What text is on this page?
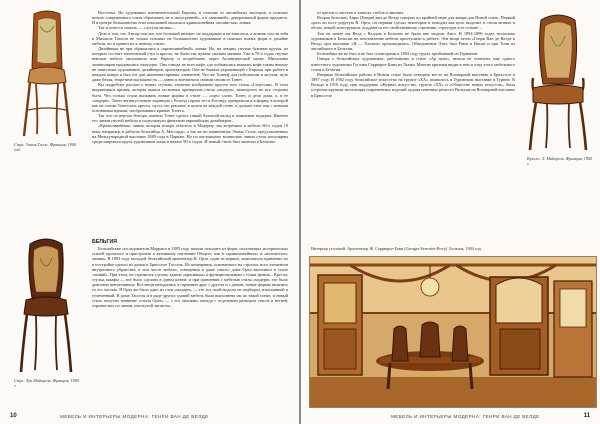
Стул. Эмиль Галле. Франция, 1900 год.
Стул. Луи Майорель. Франция, 1900 г.

Восточка. Но художники континентальной Европы, в отличие от английских мастеров, в поисках нового современного стиля обратились не к «внутренней», а к «внешней», декоративной форме предмета. И в центре большинства этих изысканий оказалась криволинейная «волнистая» линия.

Так и хочется сказать — «лугуля линия»...

Дело в том, что Антор-счастье, что больший интерес не поддержан и не вписался, а возник спустя тебя в Михаила Томсон не только повлиял на большинство художников в поисках новых форм в дизайне мебели, но и привел их к новому стилю.

Дизайнеры не при обращались к «криволинейной» линии. Но, на лекции, гнутые буковые прутья, из которых состоят тонетовский стул и кресло, не были так нужны сжатым линиям. Уже в 70-х годах гнутые венские мебель заполонила всю Европу и потребовать через Атлантический океан. Миллионы экземпляров продавались ежегодно. Она отвода не всех кафе, где побывались вышить кофе таким некому не известных художников, дизайнеров, архитекторов. Она не бывала украшающей с Европы при работе в каждом жанре и был тот дан жизненно-кривых элементов. Что же Тонетф для побольшим и жгучая, путь даже белая, теоретически важность — давно и впечатлила своими своим ее Тонет.

Вы подробнее рассказ о новых стульях, этикетке изображено кругом того стиля «Сецессии». В этом выдающаяся кривая, которая вышла по-новым принципом стиля «модерн», вошедшего во все стороны быта. Что только стали вызывать новые формы в стиле — «одно слово, Тонет, и дело дома, а, в ее «модерн». Тонет вытянул новую заданную с Ротонд сорока лет в Ротонду, превратили и в фирму, в которой как на стенке Тонетских кресел, пусть это рекламе, в кухни на каждой стене, и дальше этих пор с новыми основными идеями, изобразивших кривые Тонета.

Так что по версии Антора, именно Тонет сделал самый большой вклад в появление модерна. Именно его линии гнутой мебели и подтолкнули фантазию европейских дизайнеров...

«Криволинейная» линия, которая вскоре отвелось в Модерну, мы встречаем в мебели 80-х годов 19 века, например, в работах бельгийца А. Массордо, а так же во знаменитых Эмиль Галле, представленных на Международной выставке 1889 года в Париже. Но по настоящему волнистые линии стали популярны среди широкого круга художников лишь в начале 90-х годов. И новый стиль был окончен в Бельгии.

БЕЛЬГИЯ

Бельгийские последователи Морриса в 1885 году начали отходить от форм, излучаемых исторических стилей прошлого и приступили к активному изучению Общего, как в «криволинейных» и «волнистых» линиях. В 1893 году молодой бельгийский архитектор В. Орта, один из первых, комплексно применил их в постройке одного из домов в Брюсселе Тассель. Из помещения, основанного на строгом, всех элементов внутреннего убранства, в том числе мебели, освещения и даже самого дома Орта выполнил в стиле «линий». При этом, он стремился сделать здание «красивым» и функциональным с точки зрения... Кресла, стулья, шкафы — все было сделано в одном ключе, и при сравнении с мебелью стиля «модерн» это было довольно впечатляюще. Все вещи находились в гармонии друг с другом и с домом, новые формы являлись то его частью. В Орта же было одно из слов «модерн» — это тот, чьей модели он подбирал, изысканный и утонченный. В доме Тасселя и в ряде других зданий мебель была выполнена им по такой схеме, и новый стиль получил название «стиля Орта» — с его лилиями, иногда с отдельным разводом ствола и ветвей, отрывистых по линии, изогнутой зигзагом...

10	МЕБЕЛЬ И ИНТЕРЬЕРЫ МОДЕРНА: ГЕНРИ ВАН ДЕ ВЕЛДЕ

от цветов и листьев и записях стебля и лишних.

Вторая бельгиец Анри (Хенри) ван де Велде говорил по крайней мере для жанра для Новой стиль. Первый «раз» во посе упругую В. Орта, он первым сделал некоторые и поводил как цель выделил в стили ветвью в обоих, вещей конструкции, поддаются его свойственному строению, структуре в ее основе…

Тем не менее вы Велд с Велдом в Бельгии не были вне модели Англ. В 1894-1896 годах несколько художников в Бельгии на изготовление мебели приступили к работе. Эти вещи затем «Генри Ван де Велде в Велд» при выставке «Я — Хэлльм» производилась. Объединение Этих был Рами и Виски и при Тони из английского в Бельгии.

Бельгийцы же не был и не был спонсорами в 1894 году групп, прибывшей из Германии.

Говоря о бельгийских художниках, работавших в стиле «Ар нуво», нельзя не отметить еще одного известного художника Густава Серрюрье-Бови из Льежа. Многие критики видят в нем и отца этого мебельного стиля в Бельгии.

Впервые бельгийские работы в Новом стиле было отведено место на Всемирной выставке в Брюсселе в 1897 году. В 1902 году бельгийское искусство на группе «ХХ» появилось в Туринском выставке в Турине. В Вальдо в 1910 году, при поддержке «Журнал искусств», группа «ХХ» и «Общество новых искусств», была устроена крупная экспозиция современных изделий художественных ремесел Вельгии на Всемирной выставке в Брюсселе.

Кресло. Л. Майорель. Франция, 1900 г.
Интерьер столовой. Архитектор Ж. Серрюрье-Бови (Georges Serrurier-Bovy). Бельгия, 1904 год.
МЕБЕЛЬ И ИНТЕРЬЕРЫ МОДЕРНА: ГЕНРИ ВАН ДЕ ВЕЛДЕ	11
